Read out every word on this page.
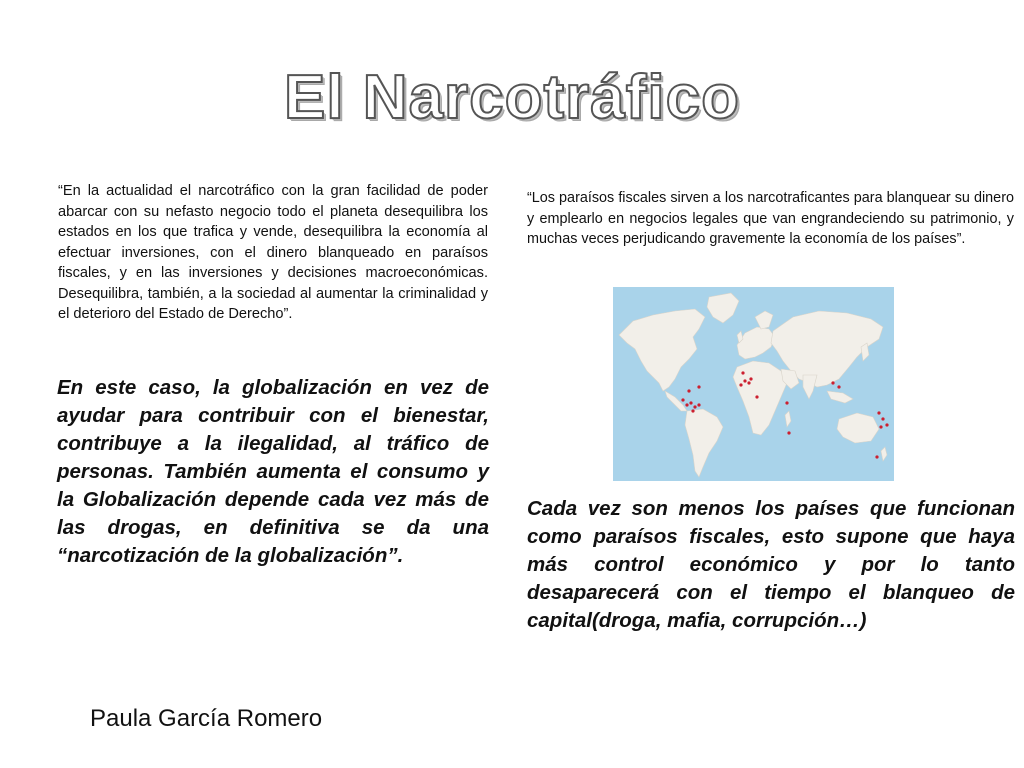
El Narcotráfico
“En la actualidad el narcotráfico con la gran facilidad de poder abarcar con su nefasto negocio todo el planeta desequilibra los estados en los que trafica y vende, desequilibra la economía al efectuar inversiones, con el dinero blanqueado en paraísos fiscales, y en las inversiones y decisiones macroeconómicas. Desequilibra, también, a la sociedad al aumentar la criminalidad y el deterioro del Estado de Derecho”.
En este caso, la globalización en vez de ayudar para contribuir con el bienestar, contribuye a la ilegalidad, al tráfico de personas. También aumenta el consumo y la Globalización depende cada vez más de las drogas, en definitiva se da una “narcotización de la globalización”.
“Los paraísos fiscales sirven a los narcotraficantes para blanquear su dinero y emplearlo en negocios legales que van engrandeciendo su patrimonio, y muchas veces perjudicando gravemente la economía de los países”.
Cada vez son menos los países que funcionan como paraísos fiscales, esto supone que haya más control económico y por lo tanto desaparecerá con el tiempo el blanqueo de capital(droga, mafia, corrupción…)
Paula García Romero
